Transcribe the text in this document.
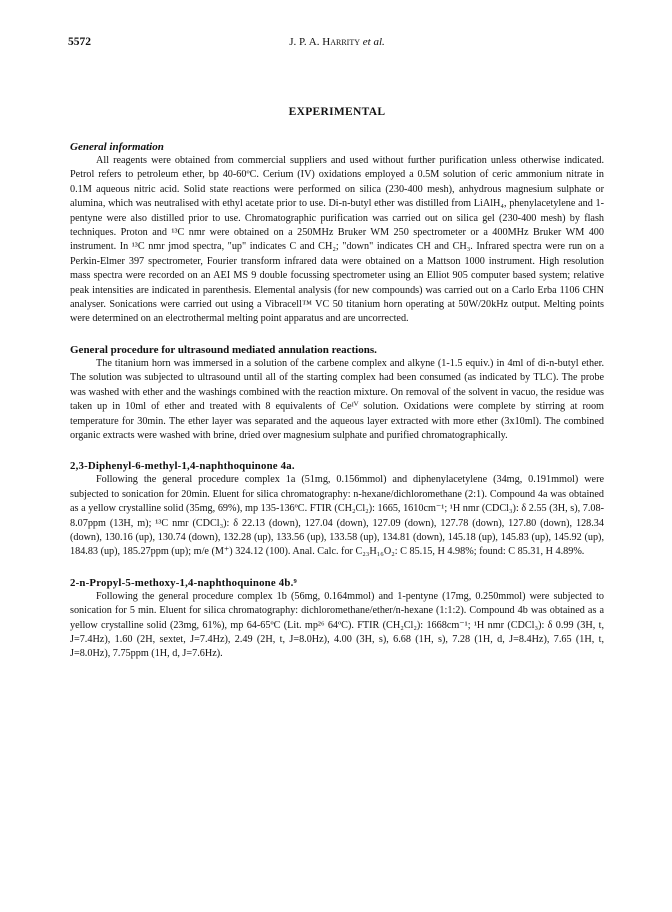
5572	J. P. A. Harrity et al.
EXPERIMENTAL
General information

All reagents were obtained from commercial suppliers and used without further purification unless otherwise indicated. Petrol refers to petroleum ether, bp 40-60ºC. Cerium (IV) oxidations employed a 0.5M solution of ceric ammonium nitrate in 0.1M aqueous nitric acid. Solid state reactions were performed on silica (230-400 mesh), anhydrous magnesium sulphate or alumina, which was neutralised with ethyl acetate prior to use. Di-n-butyl ether was distilled from LiAlH₄, phenylacetylene and 1-pentyne were also distilled prior to use. Chromatographic purification was carried out on silica gel (230-400 mesh) by flash techniques. Proton and ¹³C nmr were obtained on a 250MHz Bruker WM 250 spectrometer or a 400MHz Bruker WM 400 instrument. In ¹³C nmr jmod spectra, "up" indicates C and CH₂; "down" indicates CH and CH₃. Infrared spectra were run on a Perkin-Elmer 397 spectrometer, Fourier transform infrared data were obtained on a Mattson 1000 instrument. High resolution mass spectra were recorded on an AEI MS 9 double focussing spectrometer using an Elliot 905 computer based system; relative peak intensities are indicated in parenthesis. Elemental analysis (for new compounds) was carried out on a Carlo Erba 1106 CHN analyser. Sonications were carried out using a Vibracell™ VC 50 titanium horn operating at 50W/20kHz output. Melting points were determined on an electrothermal melting point apparatus and are uncorrected.

General procedure for ultrasound mediated annulation reactions.

The titanium horn was immersed in a solution of the carbene complex and alkyne (1-1.5 equiv.) in 4ml of di-n-butyl ether. The solution was subjected to ultrasound until all of the starting complex had been consumed (as indicated by TLC). The probe was washed with ether and the washings combined with the reaction mixture. On removal of the solvent in vacuo, the residue was taken up in 10ml of ether and treated with 8 equivalents of Ceᴵⱽ solution. Oxidations were complete by stirring at room temperature for 30min. The ether layer was separated and the aqueous layer extracted with more ether (3x10ml). The combined organic extracts were washed with brine, dried over magnesium sulphate and purified chromatographically.

2,3-Diphenyl-6-methyl-1,4-naphthoquinone 4a.

Following the general procedure complex 1a (51mg, 0.156mmol) and diphenylacetylene (34mg, 0.191mmol) were subjected to sonication for 20min. Eluent for silica chromatography: n-hexane/dichloromethane (2:1). Compound 4a was obtained as a yellow crystalline solid (35mg, 69%), mp 135-136ºC. FTIR (CH₂Cl₂): 1665, 1610cm⁻¹; ¹H nmr (CDCl₃): δ 2.55 (3H, s), 7.08-8.07ppm (13H, m); ¹³C nmr (CDCl₃): δ 22.13 (down), 127.04 (down), 127.09 (down), 127.78 (down), 127.80 (down), 128.34 (down), 130.16 (up), 130.74 (down), 132.28 (up), 133.56 (up), 133.58 (up), 134.81 (down), 145.18 (up), 145.83 (up), 145.92 (up), 184.83 (up), 185.27ppm (up); m/e (M⁺) 324.12 (100). Anal. Calc. for C₂₃H₁₆O₂: C 85.15, H 4.98%; found: C 85.31, H 4.89%.

2-n-Propyl-5-methoxy-1,4-naphthoquinone 4b.⁹

Following the general procedure complex 1b (56mg, 0.164mmol) and 1-pentyne (17mg, 0.250mmol) were subjected to sonication for 5 min. Eluent for silica chromatography: dichloromethane/ether/n-hexane (1:1:2). Compound 4b was obtained as a yellow crystalline solid (23mg, 61%), mp 64-65ºC (Lit. mp²⁶ 64ºC). FTIR (CH₂Cl₂): 1668cm⁻¹; ¹H nmr (CDCl₃): δ 0.99 (3H, t, J=7.4Hz), 1.60 (2H, sextet, J=7.4Hz), 2.49 (2H, t, J=8.0Hz), 4.00 (3H, s), 6.68 (1H, s), 7.28 (1H, d, J=8.4Hz), 7.65 (1H, t, J=8.0Hz), 7.75ppm (1H, d, J=7.6Hz).
